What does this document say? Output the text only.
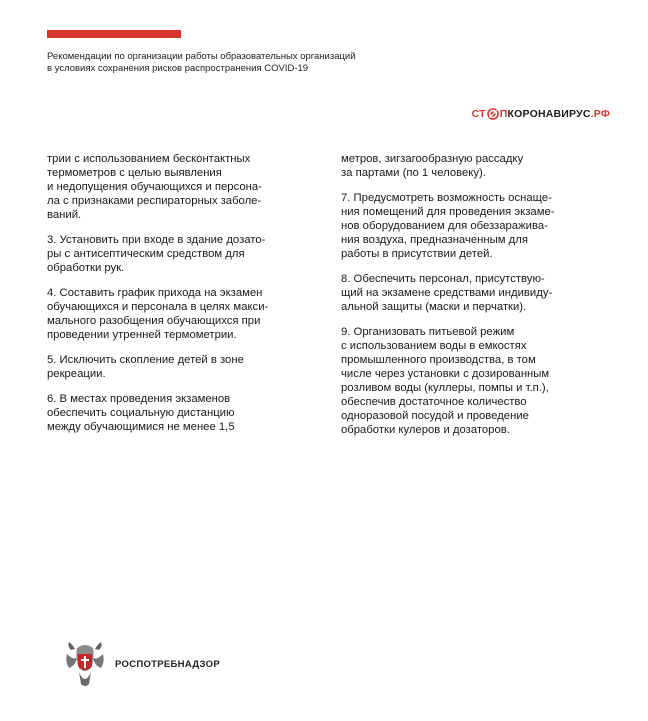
Рекомендации по организации работы образовательных организаций
в условиях сохранения рисков распространения COVID-19
СТ П КОРОНАВИРУС .РФ
трии с использованием бесконтактных
термометров с целью выявления
и недопущения обучающихся и персона-
ла с признаками респираторных заболе-
ваний.
3. Установить при входе в здание дозато-
ры с антисептическим средством для
обработки рук.
4. Составить график прихода на экзамен
обучающихся и персонала в целях макси-
мального разобщения обучающихся при
проведении утренней термометрии.
5. Исключить скопление детей в зоне
рекреации.
6. В местах проведения экзаменов
обеспечить социальную дистанцию
между обучающимися не менее 1,5
метров, зигзагообразную рассадку
за партами (по 1 человеку).
7. Предусмотреть возможность оснаще-
ния помещений для проведения экзаме-
нов оборудованием для обеззаражива-
ния воздуха, предназначенным для
работы в присутствии детей.
8. Обеспечить персонал, присутствую-
щий на экзамене средствами индивиду-
альной защиты (маски и перчатки).
9. Организовать питьевой режим
с использованием воды в емкостях
промышленного производства, в том
числе через установки с дозированным
розливом воды (куллеры, помпы и т.п.),
обеспечив достаточное количество
одноразовой посудой и проведение
обработки кулеров и дозаторов.
РОСПОТРЕБНАДЗОР
